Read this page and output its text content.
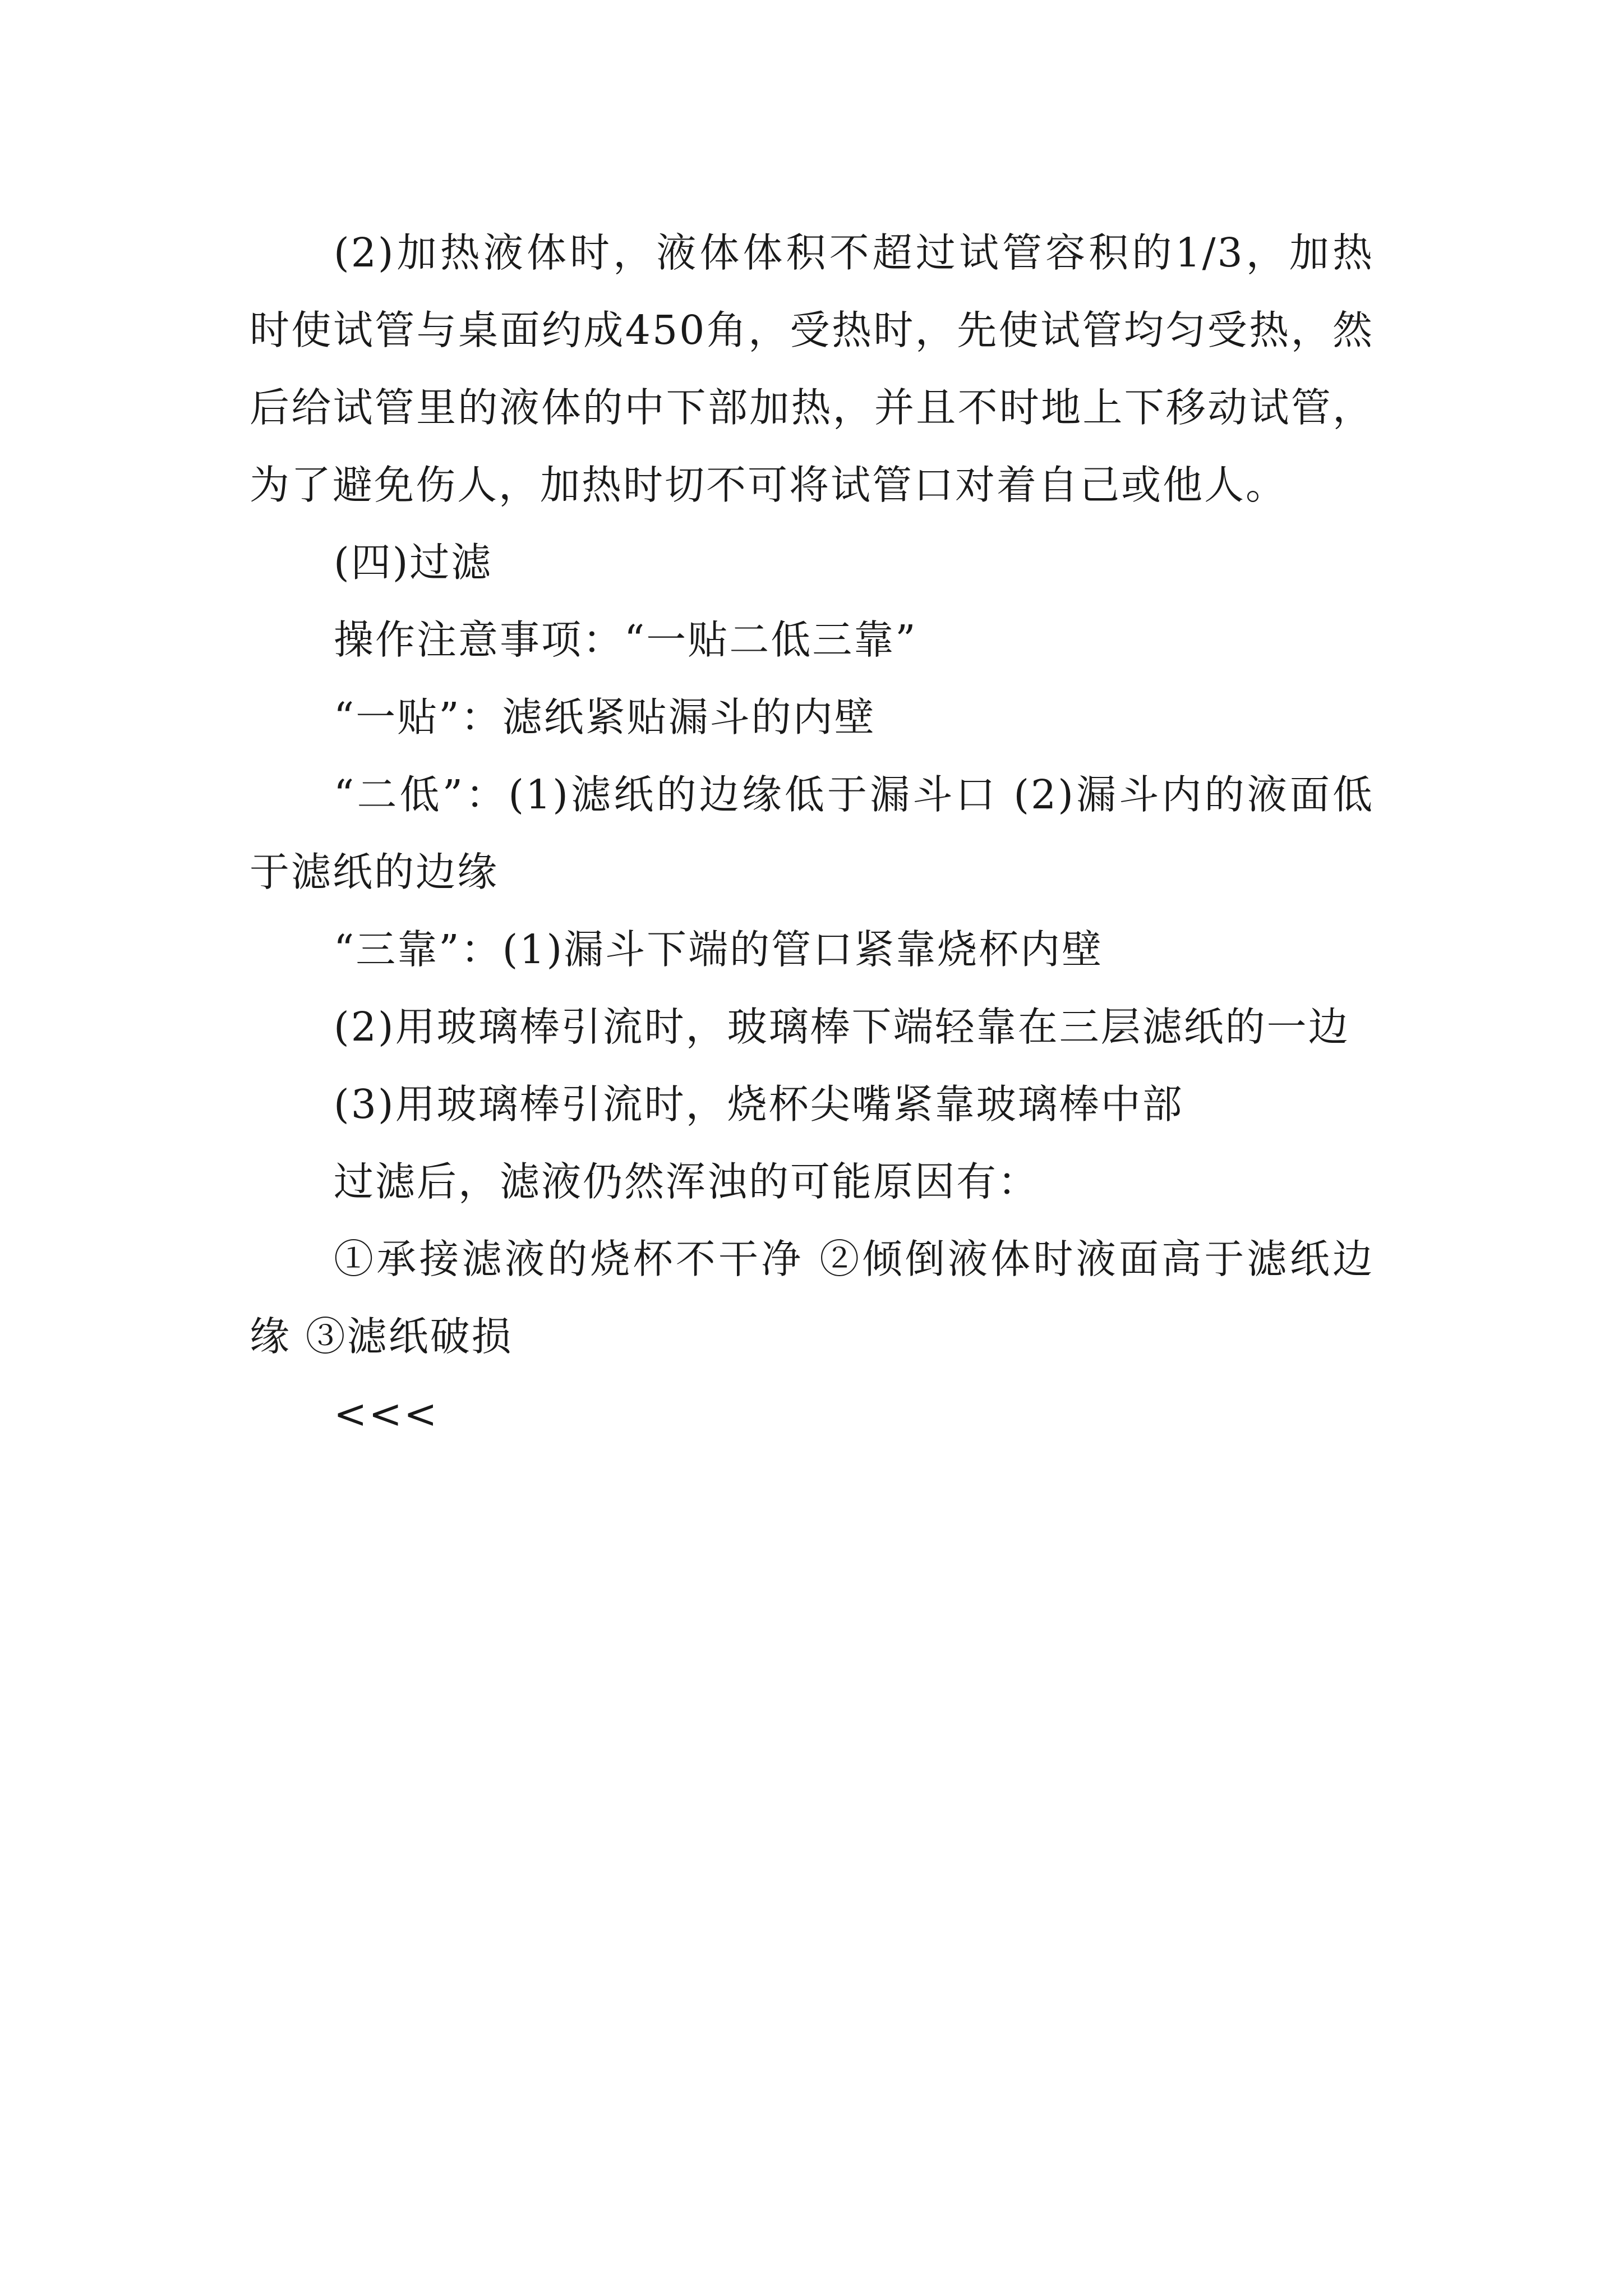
(2)加热液体时，液体体积不超过试管容积的1/3，加热时使试管与桌面约成450角，受热时，先使试管均匀受热，然后给试管里的液体的中下部加热，并且不时地上下移动试管，为了避免伤人，加热时切不可将试管口对着自己或他人。

(四)过滤

操作注意事项：“一贴二低三靠”

“一贴”：滤纸紧贴漏斗的内壁

“二低”：(1)滤纸的边缘低于漏斗口 (2)漏斗内的液面低于滤纸的边缘

“三靠”：(1)漏斗下端的管口紧靠烧杯内壁

(2)用玻璃棒引流时，玻璃棒下端轻靠在三层滤纸的一边

(3)用玻璃棒引流时，烧杯尖嘴紧靠玻璃棒中部

过滤后，滤液仍然浑浊的可能原因有：

①承接滤液的烧杯不干净 ②倾倒液体时液面高于滤纸边缘 ③滤纸破损

<<<
